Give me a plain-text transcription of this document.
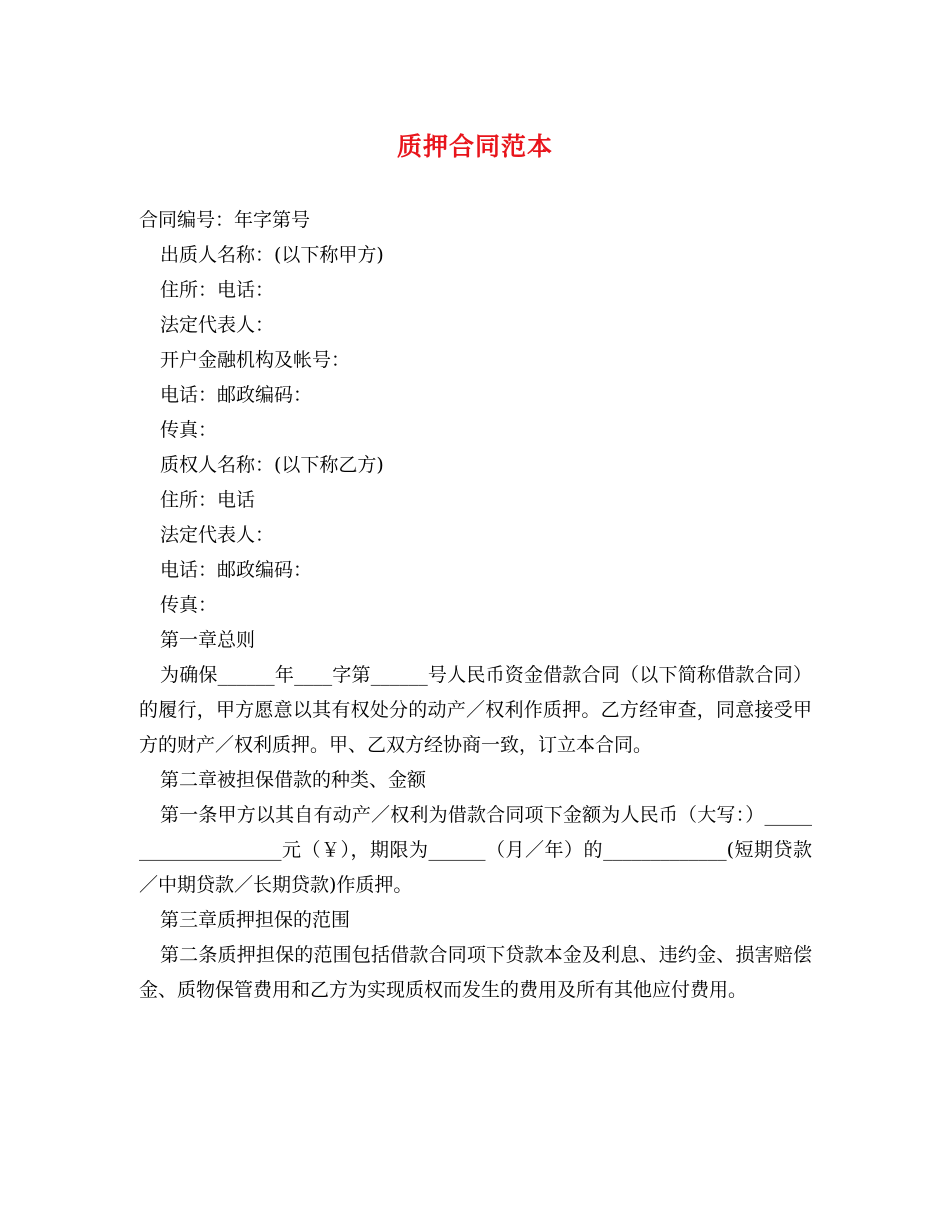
质押合同范本

合同编号：年字第号

出质人名称：(以下称甲方)

住所：电话：

法定代表人：

开户金融机构及帐号：

电话：邮政编码：

传真：

质权人名称：(以下称乙方)

住所：电话

法定代表人：

电话：邮政编码：

传真：

第一章总则

为确保______年____字第______号人民币资金借款合同（以下简称借款合同）的履行，甲方愿意以其有权处分的动产／权利作质押。乙方经审查，同意接受甲方的财产／权利质押。甲、乙双方经协商一致，订立本合同。

第二章被担保借款的种类、金额

第一条甲方以其自有动产／权利为借款合同项下金额为人民币（大写：）____________________元（￥），期限为______（月／年）的_____________(短期贷款／中期贷款／长期贷款)作质押。

第三章质押担保的范围

第二条质押担保的范围包括借款合同项下贷款本金及利息、违约金、损害赔偿金、质物保管费用和乙方为实现质权而发生的费用及所有其他应付费用。
